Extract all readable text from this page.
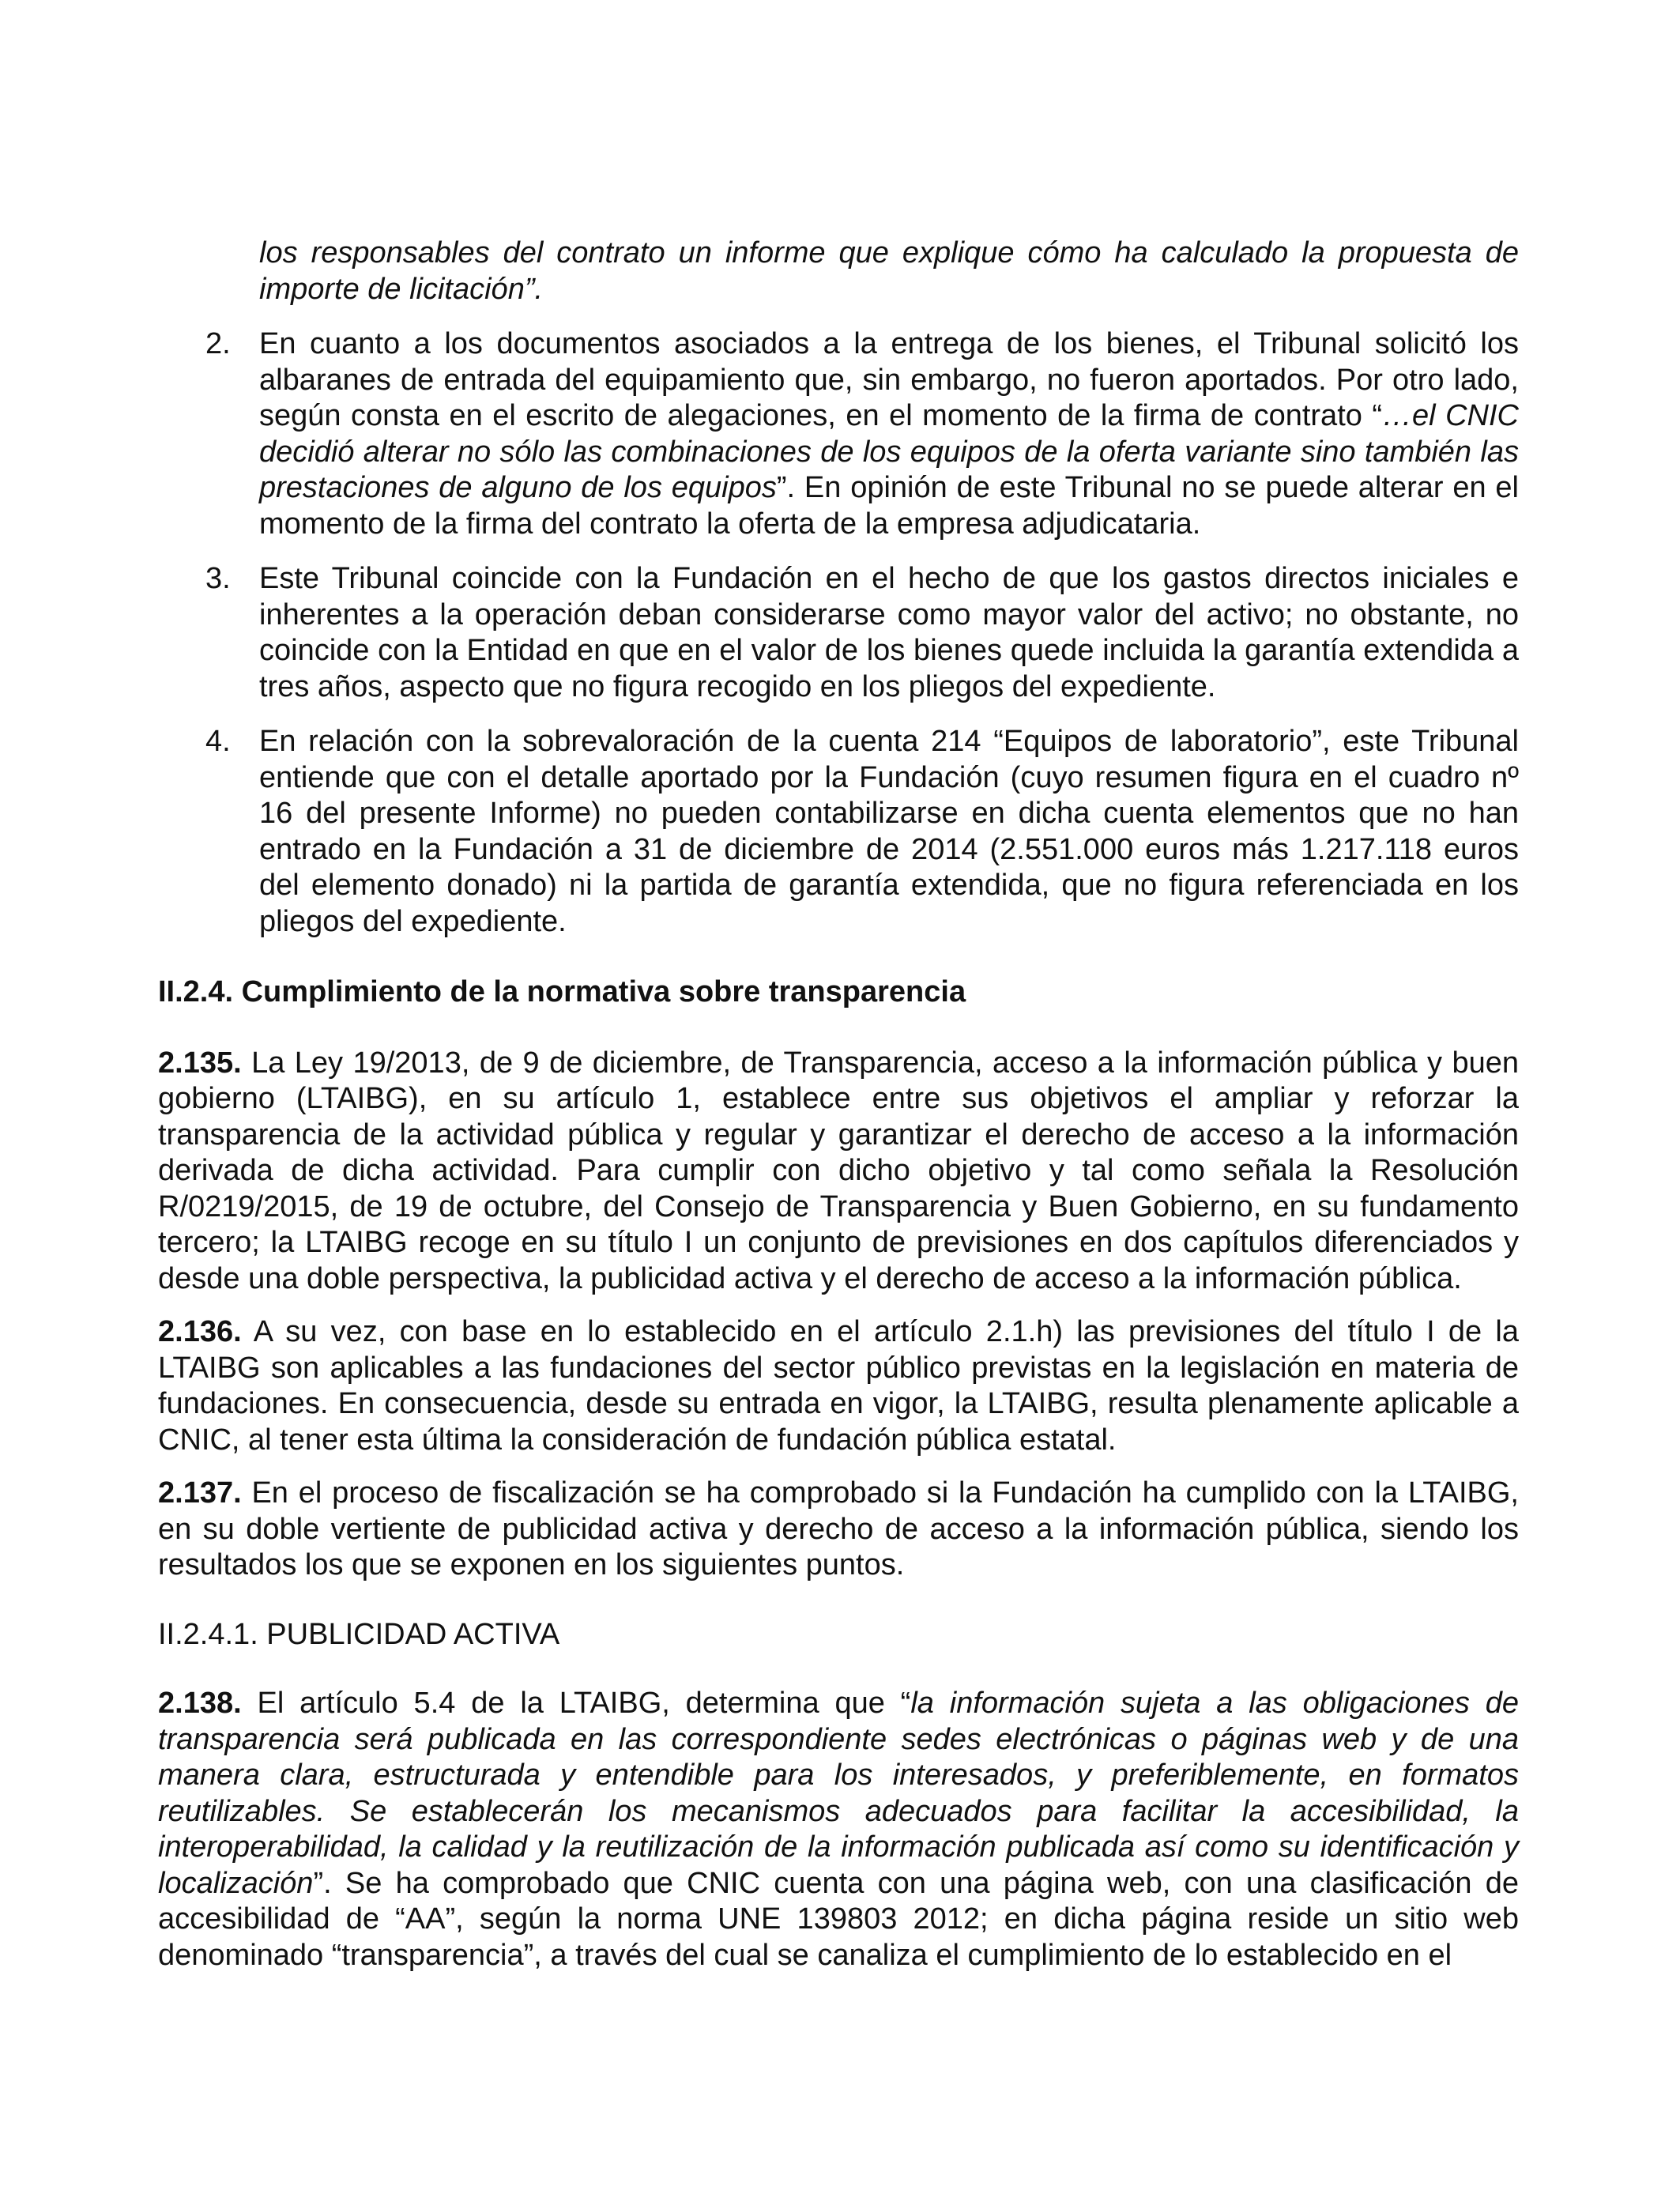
los responsables del contrato un informe que explique cómo ha calculado la propuesta de importe de licitación”.
2. En cuanto a los documentos asociados a la entrega de los bienes, el Tribunal solicitó los albaranes de entrada del equipamiento que, sin embargo, no fueron aportados. Por otro lado, según consta en el escrito de alegaciones, en el momento de la firma de contrato “…el CNIC decidió alterar no sólo las combinaciones de los equipos de la oferta variante sino también las prestaciones de alguno de los equipos”. En opinión de este Tribunal no se puede alterar en el momento de la firma del contrato la oferta de la empresa adjudicataria.
3. Este Tribunal coincide con la Fundación en el hecho de que los gastos directos iniciales e inherentes a la operación deban considerarse como mayor valor del activo; no obstante, no coincide con la Entidad en que en el valor de los bienes quede incluida la garantía extendida a tres años, aspecto que no figura recogido en los pliegos del expediente.
4. En relación con la sobrevaloración de la cuenta 214 “Equipos de laboratorio”, este Tribunal entiende que con el detalle aportado por la Fundación (cuyo resumen figura en el cuadro nº 16 del presente Informe) no pueden contabilizarse en dicha cuenta elementos que no han entrado en la Fundación a 31 de diciembre de 2014 (2.551.000 euros más 1.217.118 euros del elemento donado) ni la partida de garantía extendida, que no figura referenciada en los pliegos del expediente.
II.2.4. Cumplimiento de la normativa sobre transparencia
2.135. La Ley 19/2013, de 9 de diciembre, de Transparencia, acceso a la información pública y buen gobierno (LTAIBG), en su artículo 1, establece entre sus objetivos el ampliar y reforzar la transparencia de la actividad pública y regular y garantizar el derecho de acceso a la información derivada de dicha actividad. Para cumplir con dicho objetivo y tal como señala la Resolución R/0219/2015, de 19 de octubre, del Consejo de Transparencia y Buen Gobierno, en su fundamento tercero; la LTAIBG recoge en su título I un conjunto de previsiones en dos capítulos diferenciados y desde una doble perspectiva, la publicidad activa y el derecho de acceso a la información pública.
2.136. A su vez, con base en lo establecido en el artículo 2.1.h) las previsiones del título I de la LTAIBG son aplicables a las fundaciones del sector público previstas en la legislación en materia de fundaciones. En consecuencia, desde su entrada en vigor, la LTAIBG, resulta plenamente aplicable a CNIC, al tener esta última la consideración de fundación pública estatal.
2.137. En el proceso de fiscalización se ha comprobado si la Fundación ha cumplido con la LTAIBG, en su doble vertiente de publicidad activa y derecho de acceso a la información pública, siendo los resultados los que se exponen en los siguientes puntos.
II.2.4.1. PUBLICIDAD ACTIVA
2.138. El artículo 5.4 de la LTAIBG, determina que “la información sujeta a las obligaciones de transparencia será publicada en las correspondiente sedes electrónicas o páginas web y de una manera clara, estructurada y entendible para los interesados, y preferiblemente, en formatos reutilizables. Se establecerán los mecanismos adecuados para facilitar la accesibilidad, la interoperabilidad, la calidad y la reutilización de la información publicada así como su identificación y localización”. Se ha comprobado que CNIC cuenta con una página web, con una clasificación de accesibilidad de “AA”, según la norma UNE 139803 2012; en dicha página reside un sitio web denominado “transparencia”, a través del cual se canaliza el cumplimiento de lo establecido en el
